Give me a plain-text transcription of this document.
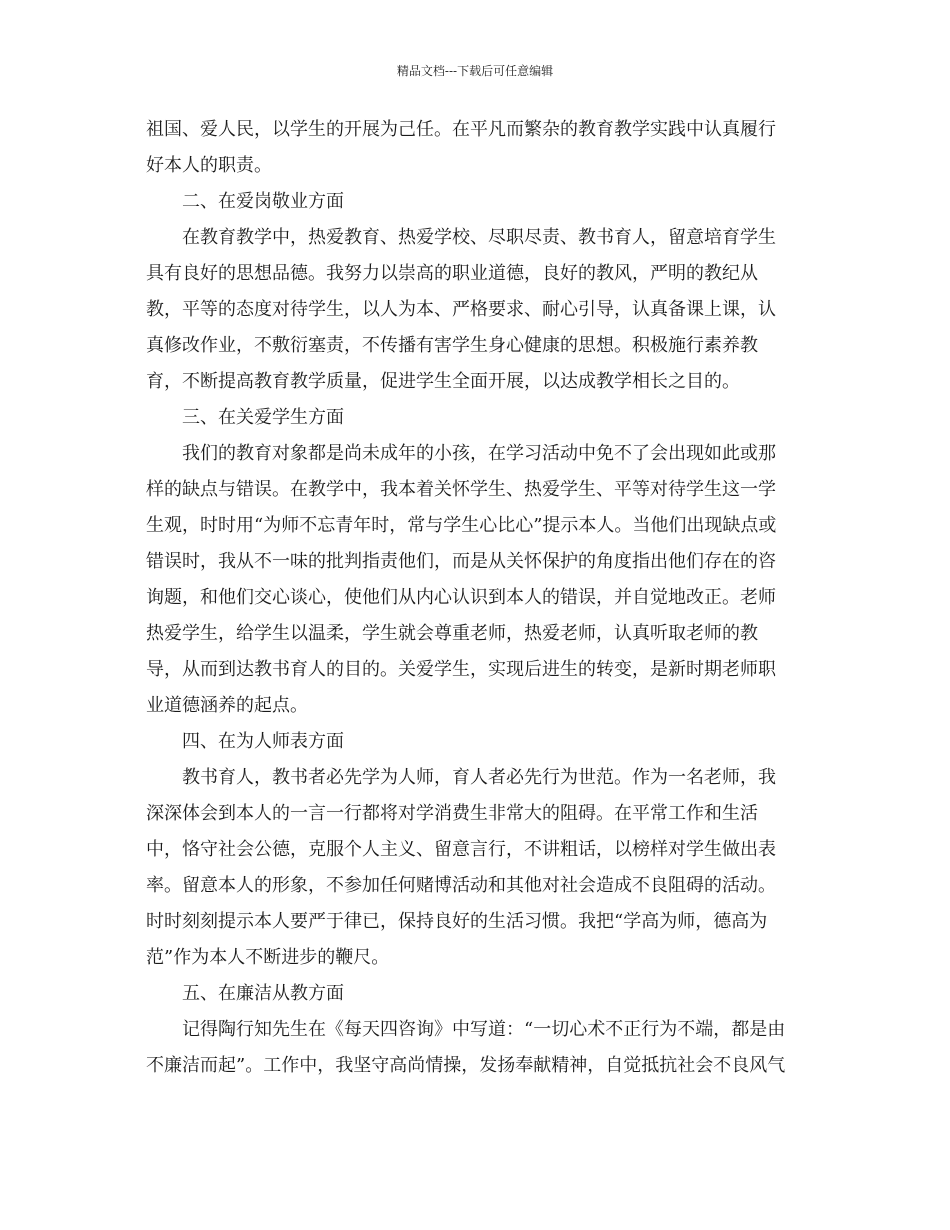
精品文档---下载后可任意编辑
祖国、爱人民，以学生的开展为己任。在平凡而繁杂的教育教学实践中认真履行
好本人的职责。
二、在爱岗敬业方面
在教育教学中，热爱教育、热爱学校、尽职尽责、教书育人，留意培育学生
具有良好的思想品德。我努力以崇高的职业道德，良好的教风，严明的教纪从
教，平等的态度对待学生，以人为本、严格要求、耐心引导，认真备课上课，认
真修改作业，不敷衍塞责，不传播有害学生身心健康的思想。积极施行素养教
育，不断提高教育教学质量，促进学生全面开展，以达成教学相长之目的。
三、在关爱学生方面
我们的教育对象都是尚未成年的小孩，在学习活动中免不了会出现如此或那
样的缺点与错误。在教学中，我本着关怀学生、热爱学生、平等对待学生这一学
生观，时时用“为师不忘青年时，常与学生心比心”提示本人。当他们出现缺点或
错误时，我从不一味的批判指责他们，而是从关怀保护的角度指出他们存在的咨
询题，和他们交心谈心，使他们从内心认识到本人的错误，并自觉地改正。老师
热爱学生，给学生以温柔，学生就会尊重老师，热爱老师，认真听取老师的教
导，从而到达教书育人的目的。关爱学生，实现后进生的转变，是新时期老师职
业道德涵养的起点。
四、在为人师表方面
教书育人，教书者必先学为人师，育人者必先行为世范。作为一名老师，我
深深体会到本人的一言一行都将对学消费生非常大的阻碍。在平常工作和生活
中，恪守社会公德，克服个人主义、留意言行，不讲粗话，以榜样对学生做出表
率。留意本人的形象，不参加任何赌博活动和其他对社会造成不良阻碍的活动。
时时刻刻提示本人要严于律已，保持良好的生活习惯。我把“学高为师，德高为
范”作为本人不断进步的鞭尺。
五、在廉洁从教方面
记得陶行知先生在《每天四咨询》中写道：“一切心术不正行为不端，都是由
不廉洁而起”。工作中，我坚守高尚情操，发扬奉献精神，自觉抵抗社会不良风气
